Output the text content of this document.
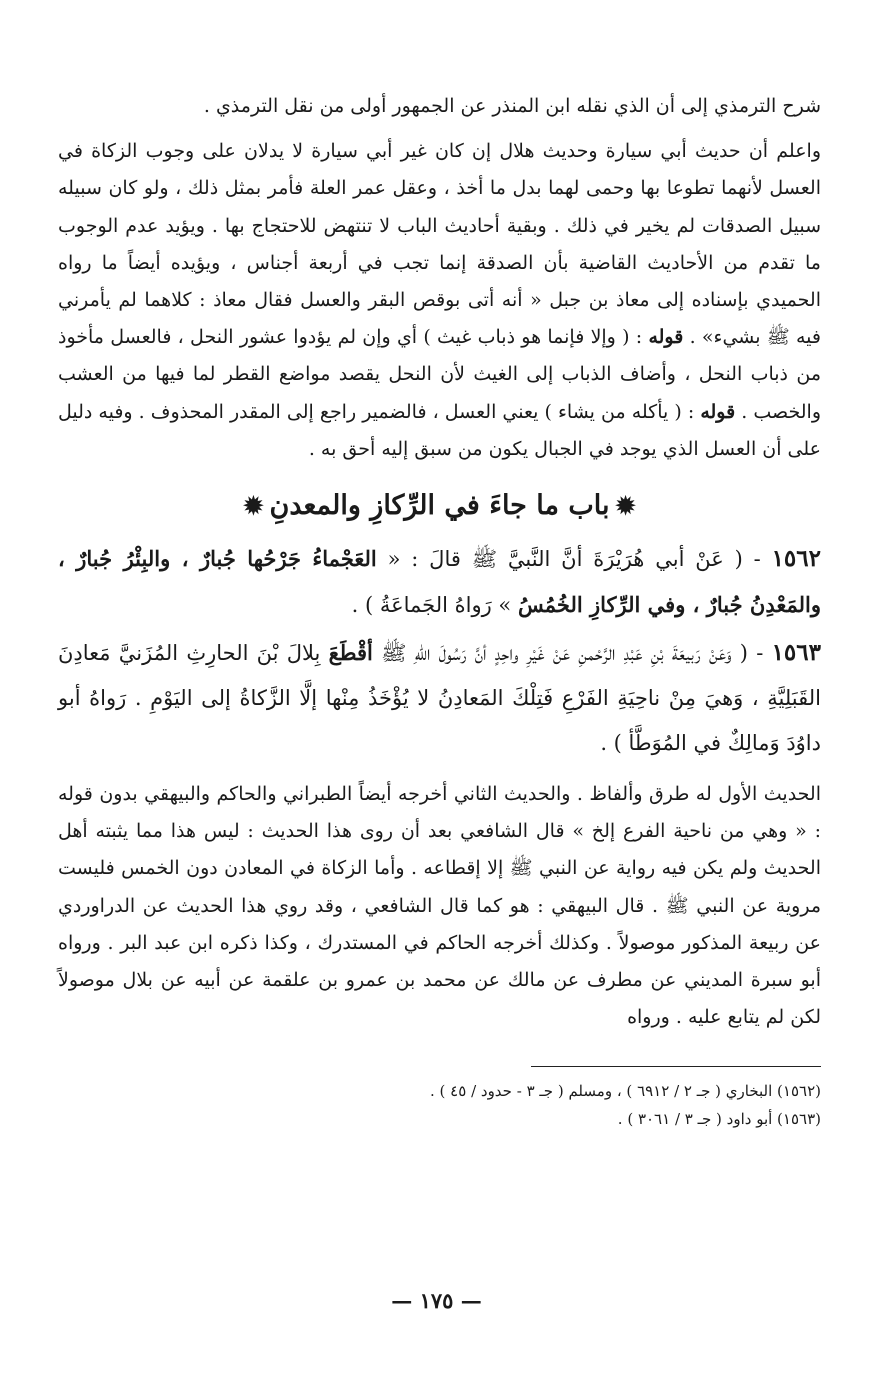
شرح الترمذي إلى أن الذي نقله ابن المنذر عن الجمهور أولى من نقل الترمذي .

واعلم أن حديث أبي سيارة وحديث هلال إن كان غير أبي سيارة لا يدلان على وجوب الزكاة في العسل لأنهما تطوعا بها وحمى لهما بدل ما أخذ ، وعقل عمر العلة فأمر بمثل ذلك ، ولو كان سبيله سبيل الصدقات لم يخير في ذلك . وبقية أحاديث الباب لا تنتهض للاحتجاج بها . ويؤيد عدم الوجوب ما تقدم من الأحاديث القاضية بأن الصدقة إنما تجب في أربعة أجناس ، ويؤيده أيضاً ما رواه الحميدي بإسناده إلى معاذ بن جبل « أنه أتى بوقص البقر والعسل فقال معاذ : كلاهما لم يأمرني فيه ﷺ بشيء» . قوله : ( وإلا فإنما هو ذباب غيث ) أي وإن لم يؤدوا عشور النحل ، فالعسل مأخوذ من ذباب النحل ، وأضاف الذباب إلى الغيث لأن النحل يقصد مواضع القطر لما فيها من العشب والخصب . قوله : ( يأكله من يشاء ) يعني العسل ، فالضمير راجع إلى المقدر المحذوف . وفيه دليل على أن العسل الذي يوجد في الجبال يكون من سبق إليه أحق به .

✹باب ما جاءَ في الرِّكازِ والمعدنِ✹

١٥٦٢ - ( عَنْ أبي هُرَيْرَةَ أنَّ النَّبيَّ ﷺ قالَ : « العَجْماءُ جَرْحُها جُبارٌ ، والبِئْرُ جُبارٌ ، والمَعْدِنُ جُبارٌ ، وفي الرِّكازِ الخُمُسُ » رَواهُ الجَماعَةُ ) .

١٥٦٣ - ( وَعَنْ رَبيعَةَ بْنِ عَبْدِ الرَّحْمنِ عَنْ غَيْرِ واحِدٍ أنَّ رَسُولَ اللهِ ﷺ أقْطَعَ بِلالَ بْنَ الحارِثِ المُزَنيَّ مَعادِنَ القَبَلِيَّةِ ، وَهيَ مِنْ ناحِيَةِ الفَرْعِ فَتِلْكَ المَعادِنُ لا يُؤْخَذُ مِنْها إلَّا الزَّكاةُ إلى اليَوْمِ . رَواهُ أبو داوُدَ وَمالِكٌ في المُوَطَّأ ) .

الحديث الأول له طرق وألفاظ . والحديث الثاني أخرجه أيضاً الطبراني والحاكم والبيهقي بدون قوله : « وهي من ناحية الفرع إلخ » قال الشافعي بعد أن روى هذا الحديث : ليس هذا مما يثبته أهل الحديث ولم يكن فيه رواية عن النبي ﷺ إلا إقطاعه . وأما الزكاة في المعادن دون الخمس فليست مروية عن النبي ﷺ . قال البيهقي : هو كما قال الشافعي ، وقد روي هذا الحديث عن الدراوردي عن ربيعة المذكور موصولاً . وكذلك أخرجه الحاكم في المستدرك ، وكذا ذكره ابن عبد البر . ورواه أبو سبرة المديني عن مطرف عن مالك عن محمد بن عمرو بن علقمة عن أبيه عن بلال موصولاً لكن لم يتابع عليه . ورواه

(١٥٦٢) البخاري ( جـ ٢ / ٦٩١٢ ) ، ومسلم ( جـ ٣ - حدود / ٤٥ ) .

(١٥٦٣) أبو داود ( جـ ٣ / ٣٠٦١ ) .

— ١٧٥ —
